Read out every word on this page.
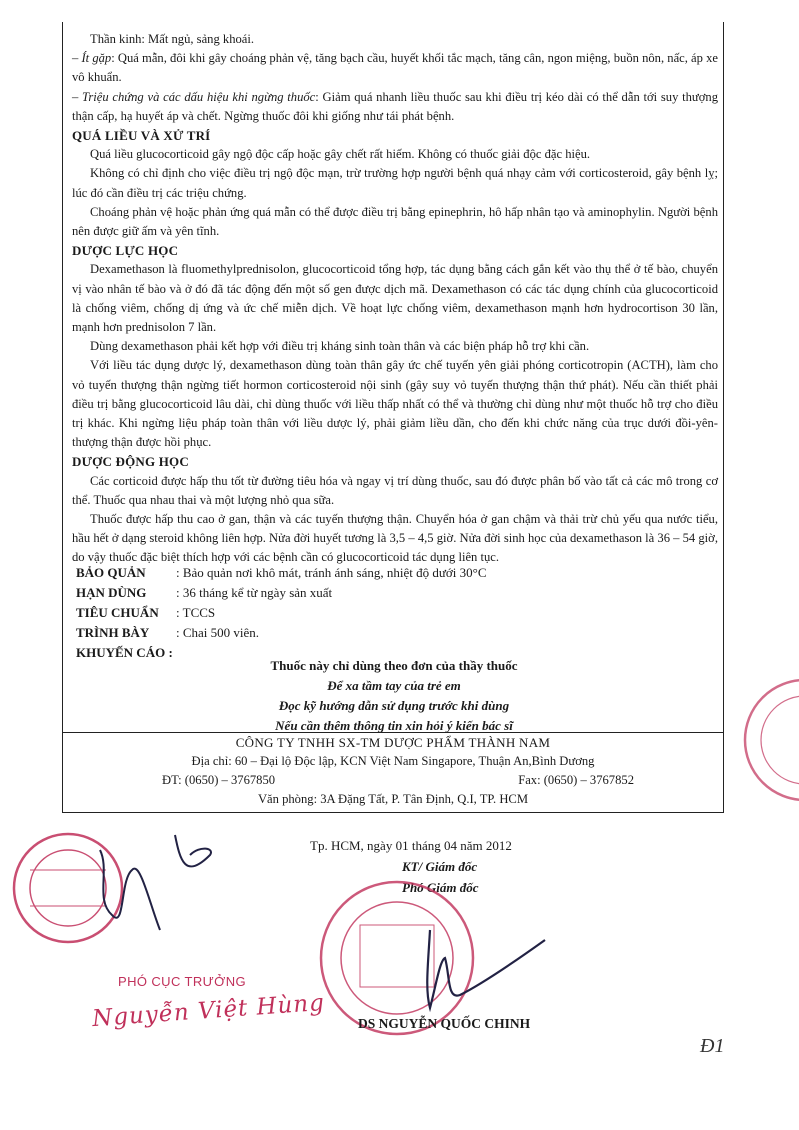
Thần kinh: Mất ngủ, sảng khoái.

– Ít gặp: Quá mẫn, đôi khi gây choáng phản vệ, tăng bạch cầu, huyết khối tắc mạch, tăng cân, ngon miệng, buồn nôn, nấc, áp xe vô khuẩn.

– Triệu chứng và các dấu hiệu khi ngừng thuốc: Giảm quá nhanh liều thuốc sau khi điều trị kéo dài có thể dẫn tới suy thượng thận cấp, hạ huyết áp và chết. Ngừng thuốc đôi khi giống như tái phát bệnh.

QUÁ LIỀU VÀ XỬ TRÍ

Quá liều glucocorticoid gây ngộ độc cấp hoặc gây chết rất hiếm. Không có thuốc giải độc đặc hiệu.

Không có chỉ định cho việc điều trị ngộ độc mạn, trừ trường hợp người bệnh quá nhạy cảm với corticosteroid, gây bệnh lỵ; lúc đó cần điều trị các triệu chứng.

Choáng phản vệ hoặc phản ứng quá mẫn có thể được điều trị bằng epinephrin, hô hấp nhân tạo và aminophylin. Người bệnh nên được giữ ấm và yên tĩnh.

DƯỢC LỰC HỌC

Dexamethason là fluomethylprednisolon, glucocorticoid tổng hợp, tác dụng bằng cách gắn kết vào thụ thể ở tế bào, chuyển vị vào nhân tế bào và ở đó đã tác động đến một số gen được dịch mã. Dexamethason có các tác dụng chính của glucocorticoid là chống viêm, chống dị ứng và ức chế miễn dịch. Về hoạt lực chống viêm, dexamethason mạnh hơn hydrocortison 30 lần, mạnh hơn prednisolon 7 lần.

Dùng dexamethason phải kết hợp với điều trị kháng sinh toàn thân và các biện pháp hỗ trợ khi cần.

Với liều tác dụng dược lý, dexamethason dùng toàn thân gây ức chế tuyến yên giải phóng corticotropin (ACTH), làm cho vỏ tuyến thượng thận ngừng tiết hormon corticosteroid nội sinh (gây suy vỏ tuyến thượng thận thứ phát). Nếu cần thiết phải điều trị bằng glucocorticoid lâu dài, chỉ dùng thuốc với liều thấp nhất có thể và thường chỉ dùng như một thuốc hỗ trợ cho điều trị khác. Khi ngừng liệu pháp toàn thân với liều dược lý, phải giảm liều dần, cho đến khi chức năng của trục dưới đồi-yên-thượng thận được hồi phục.

DƯỢC ĐỘNG HỌC

Các corticoid được hấp thu tốt từ đường tiêu hóa và ngay vị trí dùng thuốc, sau đó được phân bố vào tất cả các mô trong cơ thể. Thuốc qua nhau thai và một lượng nhỏ qua sữa.

Thuốc được hấp thu cao ở gan, thận và các tuyến thượng thận. Chuyển hóa ở gan chậm và thải trừ chủ yếu qua nước tiểu, hầu hết ở dạng steroid không liên hợp. Nửa đời huyết tương là 3,5 – 4,5 giờ. Nửa đời sinh học của dexamethason là 36 – 54 giờ, do vậy thuốc đặc biệt thích hợp với các bệnh cần có glucocorticoid tác dụng liên tục.

BẢO QUẢN	: Bảo quản nơi khô mát, tránh ánh sáng, nhiệt độ dưới 30°C
HẠN DÙNG	: 36 tháng kể từ ngày sản xuất
TIÊU CHUẨN	: TCCS
TRÌNH BÀY	: Chai 500 viên.
KHUYẾN CÁO :
Thuốc này chỉ dùng theo đơn của thầy thuốc
Để xa tầm tay của trẻ em
Đọc kỹ hướng dẫn sử dụng trước khi dùng
Nếu cần thêm thông tin xin hỏi ý kiến bác sĩ
CÔNG TY TNHH SX-TM DƯỢC PHẨM THÀNH NAM
Địa chỉ: 60 – Đại lộ Độc lập, KCN Việt Nam Singapore, Thuận An,Bình Dương
ĐT: (0650) – 3767850	Fax: (0650) – 3767852
Văn phòng: 3A Đặng Tất, P. Tân Định, Q.I, TP. HCM
Tp. HCM, ngày 01 tháng 04 năm 2012
KT/ Giám đốc
Phó Giám đốc
PHÓ CỤC TRƯỞNG
Nguyễn Việt Hùng DS NGUYỄN QUỐC CHINH
Đ1
